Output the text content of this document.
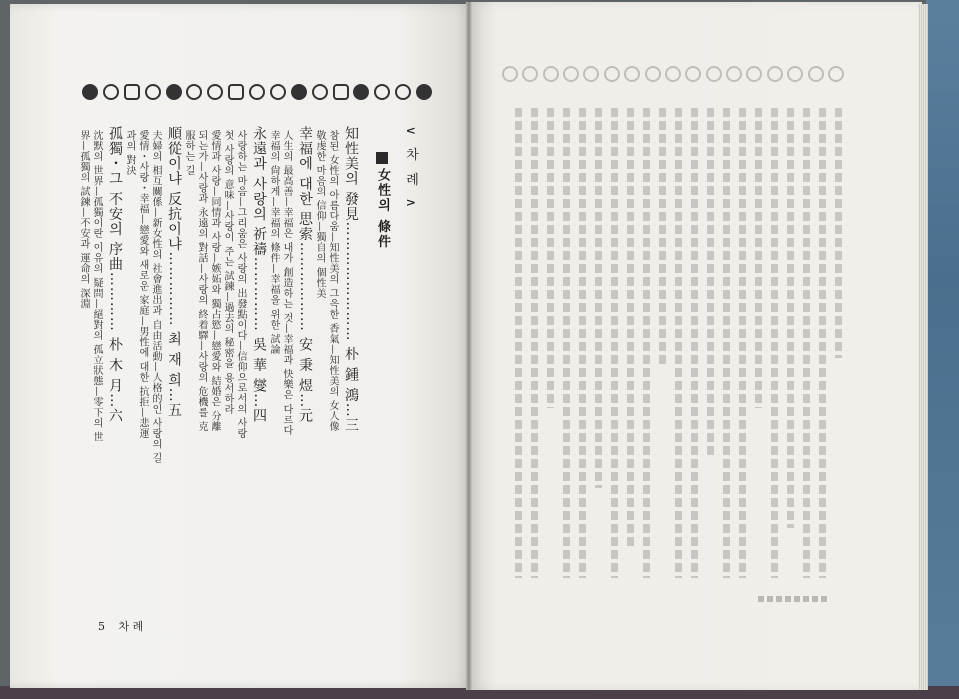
∨ 차 례 ∧
女性의 條件
知性美의 發見…………………… 朴 鍾 鴻…三
참된 女性의 아름다움—知性美의 그윽한 香氣—知性美의 女人像
敬虔한 마음의 信仰—獨自의 個性美
幸福에 대한 思索……………… 安 秉 煜…元
人生의 最高善—幸福은 내가 創造하는 것—幸福과 快樂은 다르다
幸福의 尙하게—幸福의 條件—幸福을 위한 試論
永遠과 사랑의 祈禱…………… 吳 華 燮…四
사랑하는 마음—그리움은 사랑의 出發點이다—信仰으로서의 사랑
첫 사랑의 意味—사랑이 주는 試鍊—過去의 秘密을 용서하라
愛情과 사랑—同情과 사랑—嫉妬와 獨占慾—戀愛와 結婚은 分離
되는가—사랑과 永遠의 對話—사랑의 終着驛—사랑의 危機를 克
服하는 길
順從이냐 反抗이냐…………… 최 재 희…五
夫婦의 相互關係—新女性의 社會進出과 自由活動—人格的인 사랑의 길
愛情・사랑・幸福—戀愛와 새로운 家庭—男性에 대한 抗拒—悲運
과의 對決
孤獨・그 不安의 序曲………… 朴 木 月…六
沈默의 世界—孤獨이란 이유의 疑問—絕對의 孤立狀態—零下의 世
界—孤獨의 試鍊—不安과 運命의 深淵
5 차 례
